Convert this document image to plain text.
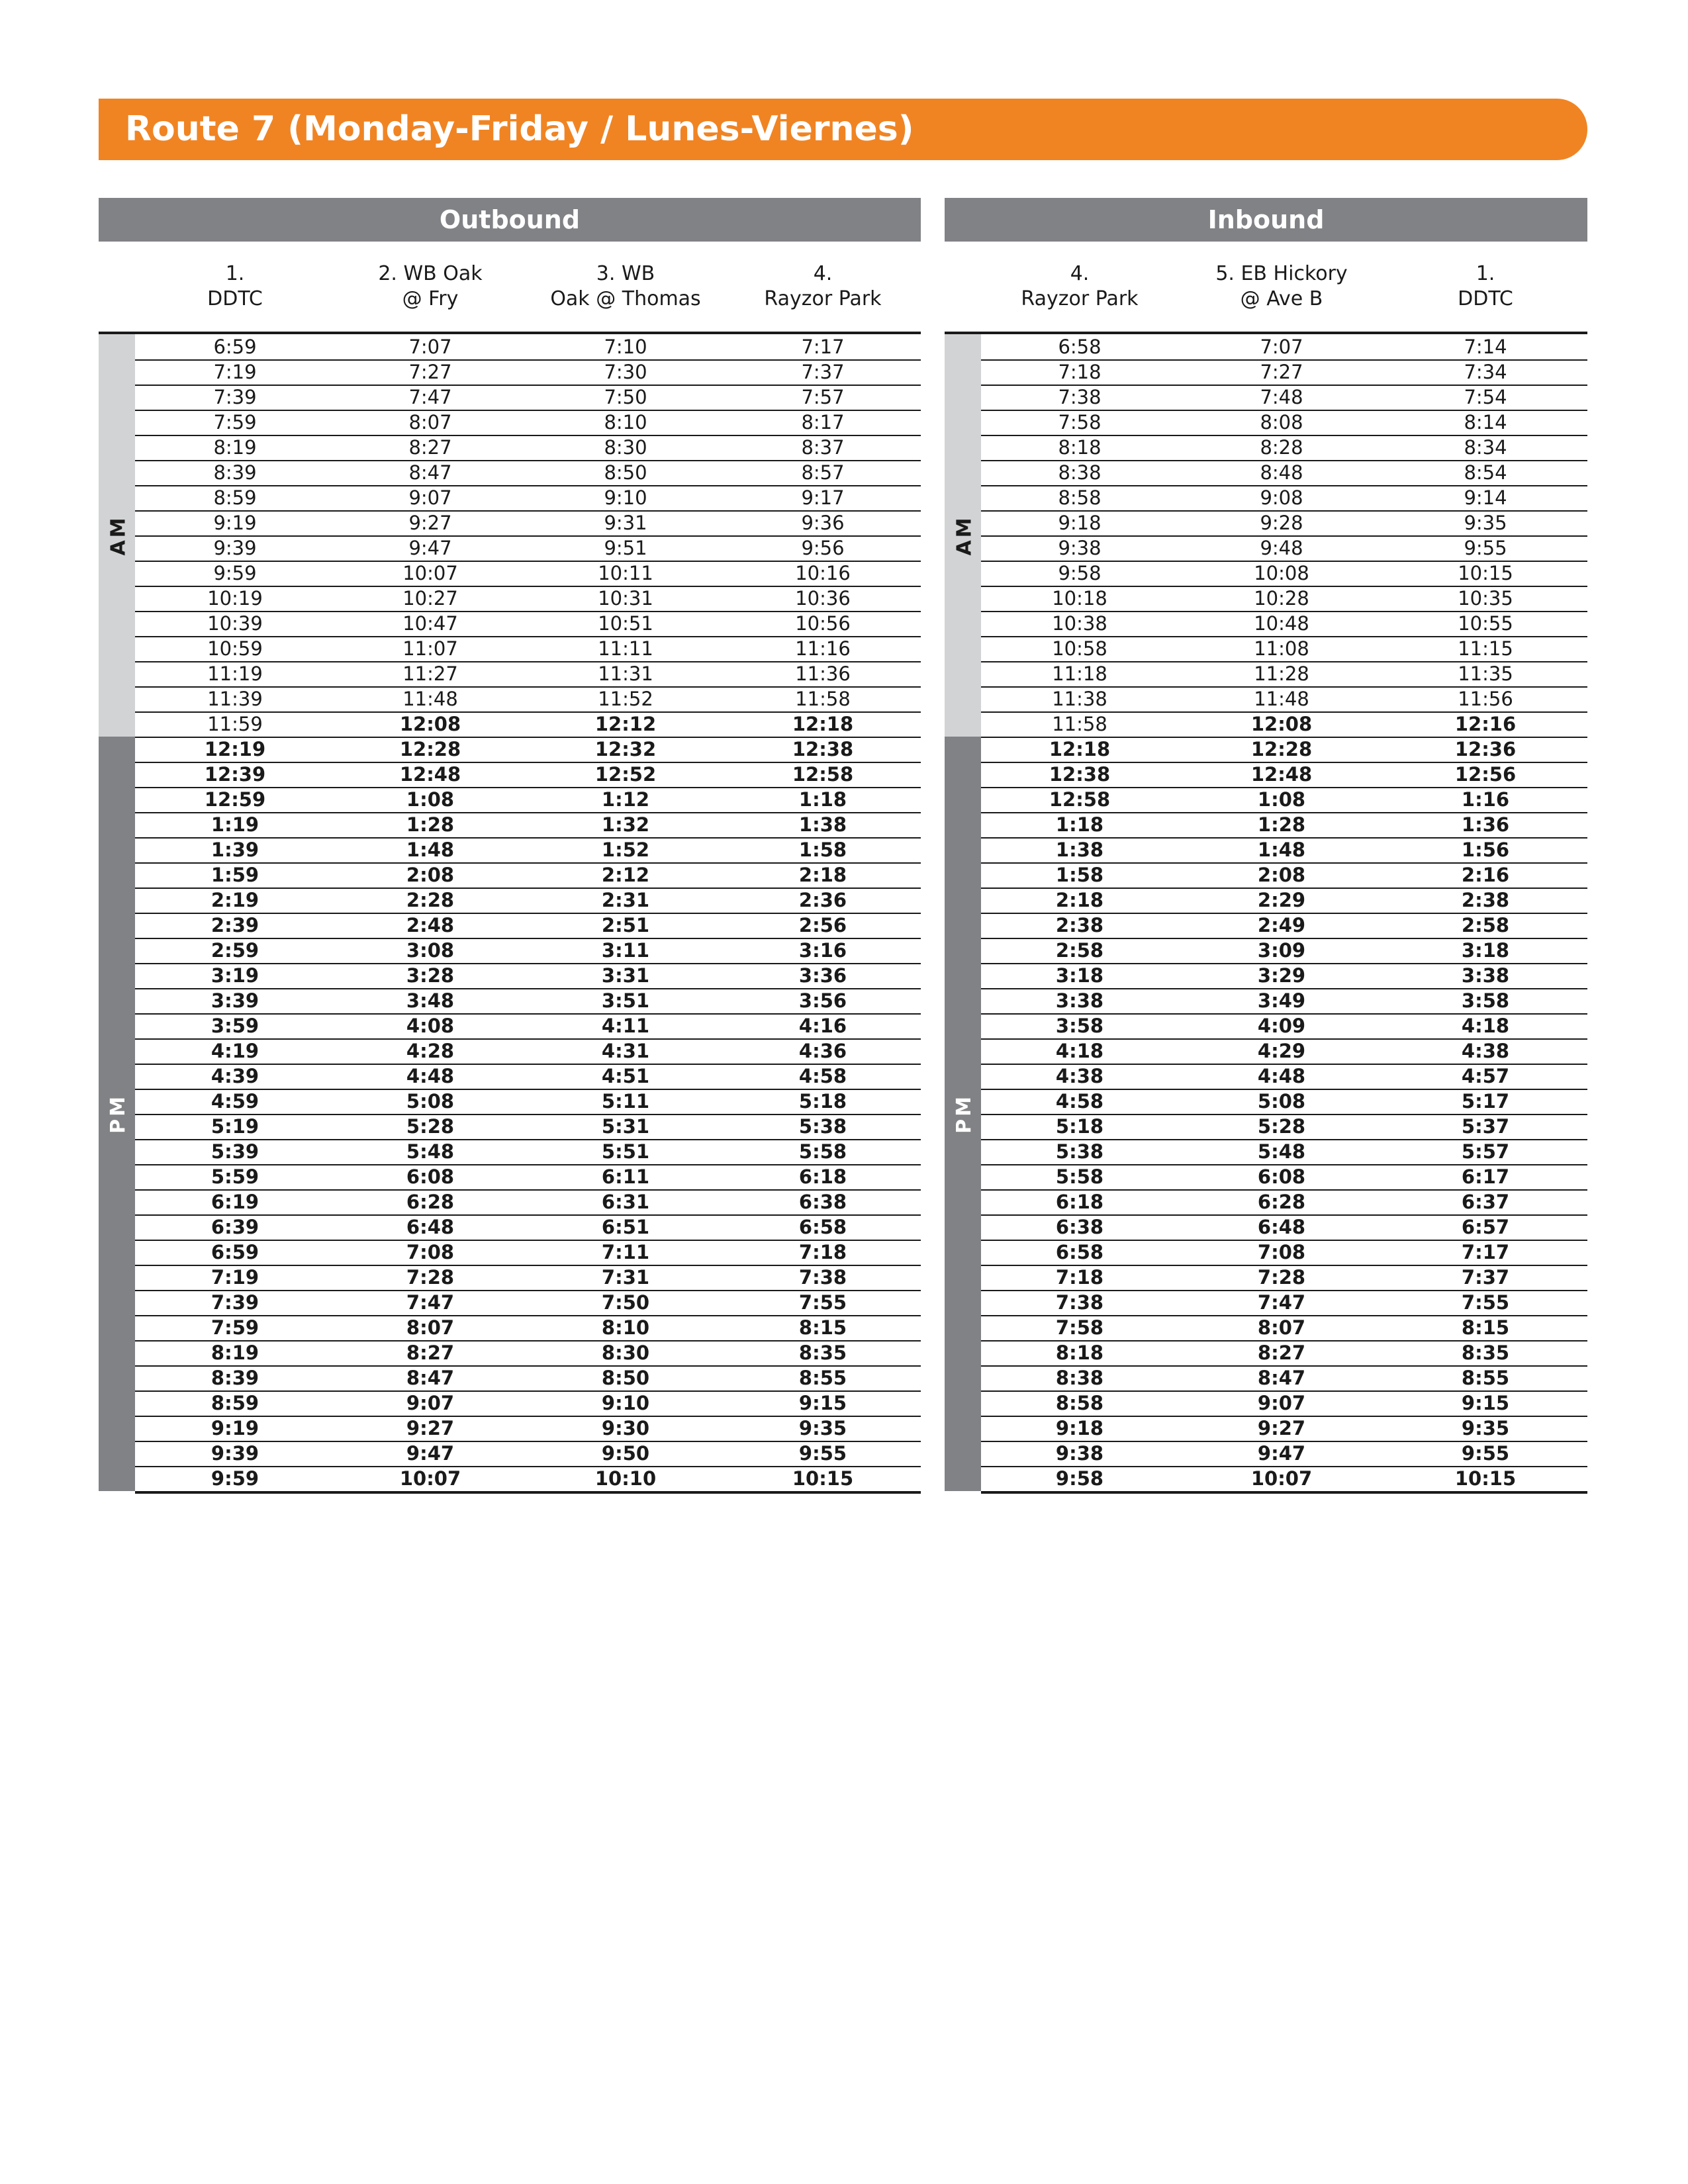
Route 7 (Monday-Friday / Lunes-Viernes)
Outbound
1.
DDTC
2. WB Oak
@ Fry
3. WB
Oak @ Thomas
4.
Rayzor Park
AM
PM
6:59	7:07	7:10	7:17
7:19	7:27	7:30	7:37
7:39	7:47	7:50	7:57
7:59	8:07	8:10	8:17
8:19	8:27	8:30	8:37
8:39	8:47	8:50	8:57
8:59	9:07	9:10	9:17
9:19	9:27	9:31	9:36
9:39	9:47	9:51	9:56
9:59	10:07	10:11	10:16
10:19	10:27	10:31	10:36
10:39	10:47	10:51	10:56
10:59	11:07	11:11	11:16
11:19	11:27	11:31	11:36
11:39	11:48	11:52	11:58
11:59	12:08	12:12	12:18
12:19	12:28	12:32	12:38
12:39	12:48	12:52	12:58
12:59	1:08	1:12	1:18
1:19	1:28	1:32	1:38
1:39	1:48	1:52	1:58
1:59	2:08	2:12	2:18
2:19	2:28	2:31	2:36
2:39	2:48	2:51	2:56
2:59	3:08	3:11	3:16
3:19	3:28	3:31	3:36
3:39	3:48	3:51	3:56
3:59	4:08	4:11	4:16
4:19	4:28	4:31	4:36
4:39	4:48	4:51	4:58
4:59	5:08	5:11	5:18
5:19	5:28	5:31	5:38
5:39	5:48	5:51	5:58
5:59	6:08	6:11	6:18
6:19	6:28	6:31	6:38
6:39	6:48	6:51	6:58
6:59	7:08	7:11	7:18
7:19	7:28	7:31	7:38
7:39	7:47	7:50	7:55
7:59	8:07	8:10	8:15
8:19	8:27	8:30	8:35
8:39	8:47	8:50	8:55
8:59	9:07	9:10	9:15
9:19	9:27	9:30	9:35
9:39	9:47	9:50	9:55
9:59	10:07	10:10	10:15
Inbound
4.
Rayzor Park
5. EB Hickory
@ Ave B
1.
DDTC
AM
PM
6:58	7:07	7:14
7:18	7:27	7:34
7:38	7:48	7:54
7:58	8:08	8:14
8:18	8:28	8:34
8:38	8:48	8:54
8:58	9:08	9:14
9:18	9:28	9:35
9:38	9:48	9:55
9:58	10:08	10:15
10:18	10:28	10:35
10:38	10:48	10:55
10:58	11:08	11:15
11:18	11:28	11:35
11:38	11:48	11:56
11:58	12:08	12:16
12:18	12:28	12:36
12:38	12:48	12:56
12:58	1:08	1:16
1:18	1:28	1:36
1:38	1:48	1:56
1:58	2:08	2:16
2:18	2:29	2:38
2:38	2:49	2:58
2:58	3:09	3:18
3:18	3:29	3:38
3:38	3:49	3:58
3:58	4:09	4:18
4:18	4:29	4:38
4:38	4:48	4:57
4:58	5:08	5:17
5:18	5:28	5:37
5:38	5:48	5:57
5:58	6:08	6:17
6:18	6:28	6:37
6:38	6:48	6:57
6:58	7:08	7:17
7:18	7:28	7:37
7:38	7:47	7:55
7:58	8:07	8:15
8:18	8:27	8:35
8:38	8:47	8:55
8:58	9:07	9:15
9:18	9:27	9:35
9:38	9:47	9:55
9:58	10:07	10:15
